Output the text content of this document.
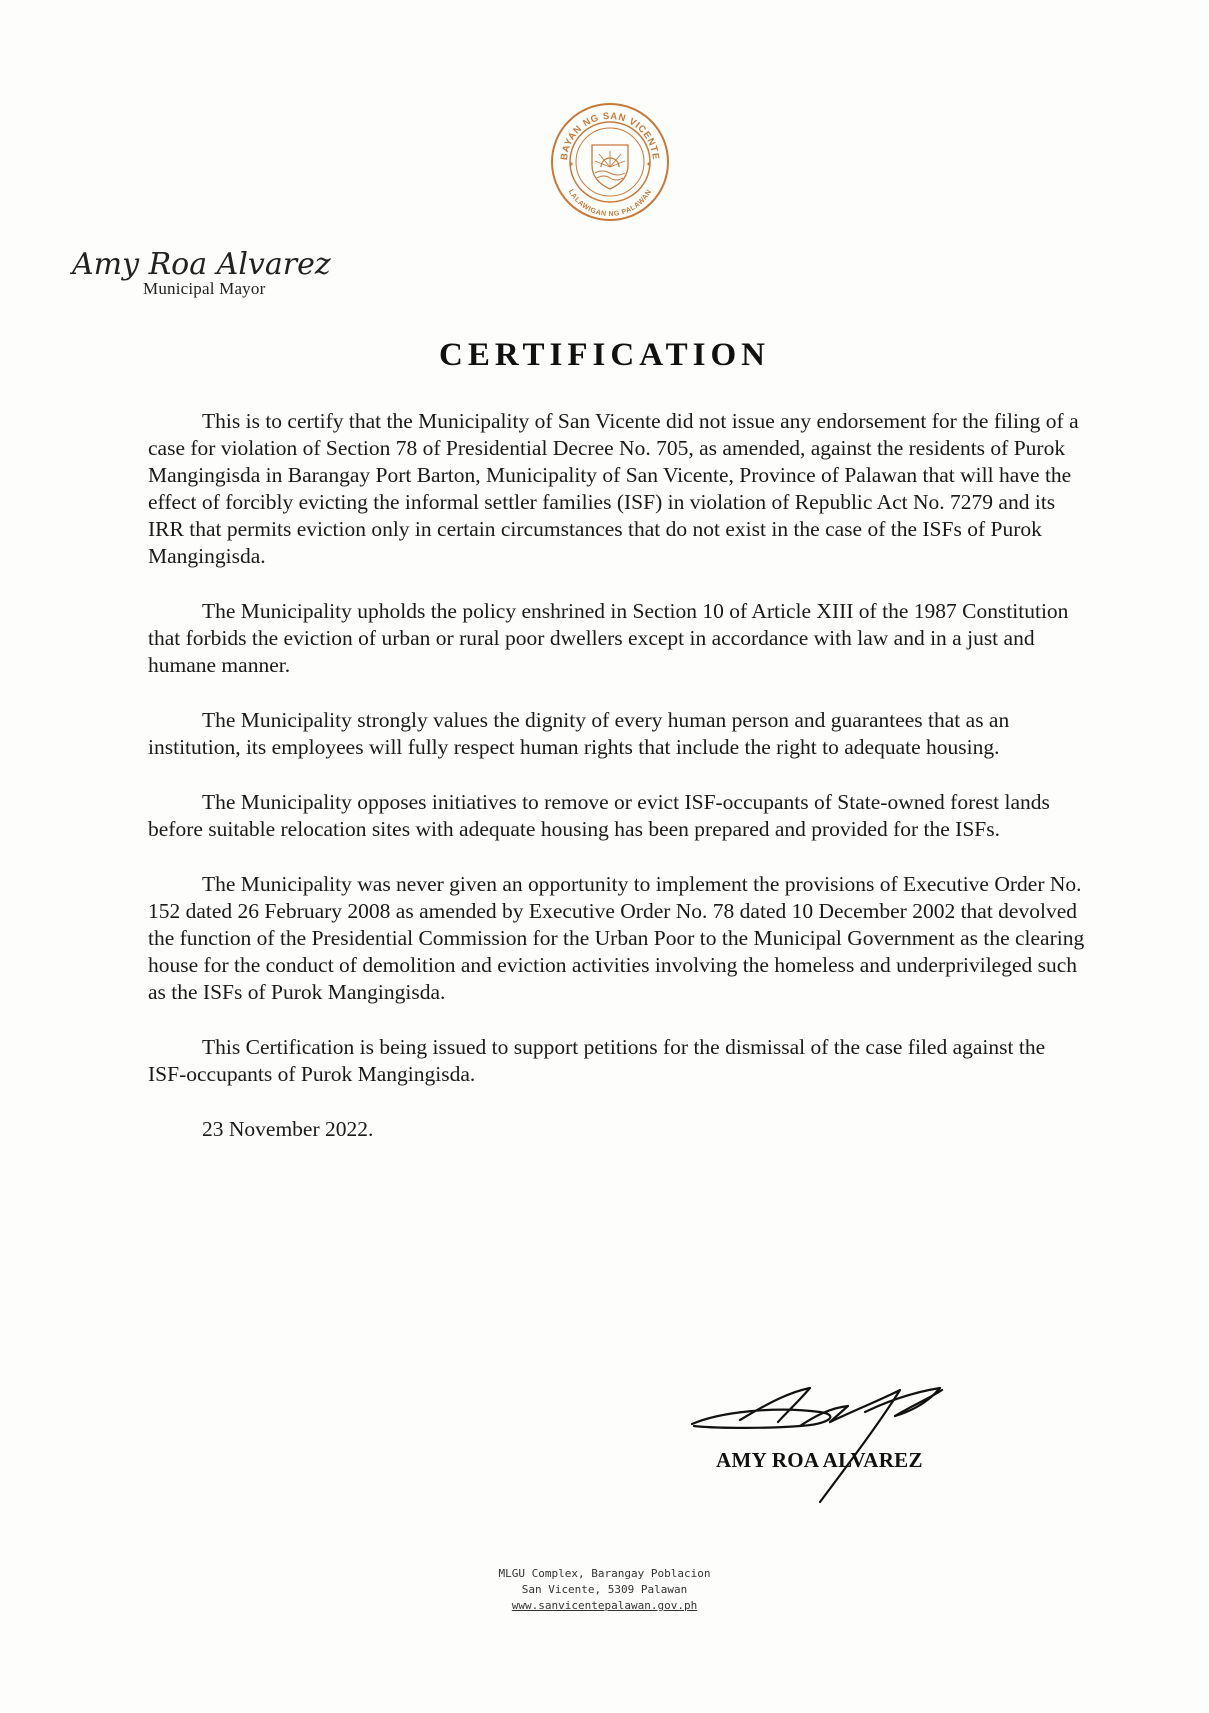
BAYAN NG SAN VICENTE
LALAWIGAN NG PALAWAN
Amy Roa Alvarez
Municipal Mayor
CERTIFICATION

This is to certify that the Municipality of San Vicente did not issue any endorsement for the filing of a case for violation of Section 78 of Presidential Decree No. 705, as amended, against the residents of Purok Mangingisda in Barangay Port Barton, Municipality of San Vicente, Province of Palawan that will have the effect of forcibly evicting the informal settler families (ISF) in violation of Republic Act No. 7279 and its IRR that permits eviction only in certain circumstances that do not exist in the case of the ISFs of Purok Mangingisda.

The Municipality upholds the policy enshrined in Section 10 of Article XIII of the 1987 Constitution that forbids the eviction of urban or rural poor dwellers except in accordance with law and in a just and humane manner.

The Municipality strongly values the dignity of every human person and guarantees that as an institution, its employees will fully respect human rights that include the right to adequate housing.

The Municipality opposes initiatives to remove or evict ISF-occupants of State-owned forest lands before suitable relocation sites with adequate housing has been prepared and provided for the ISFs.

The Municipality was never given an opportunity to implement the provisions of Executive Order No. 152 dated 26 February 2008 as amended by Executive Order No. 78 dated 10 December 2002 that devolved the function of the Presidential Commission for the Urban Poor to the Municipal Government as the clearing house for the conduct of demolition and eviction activities involving the homeless and underprivileged such as the ISFs of Purok Mangingisda.

This Certification is being issued to support petitions for the dismissal of the case filed against the ISF-occupants of Purok Mangingisda.

23 November 2022.

AMY ROA ALVAREZ
MLGU Complex, Barangay Poblacion
San Vicente, 5309 Palawan
www.sanvicentepalawan.gov.ph
